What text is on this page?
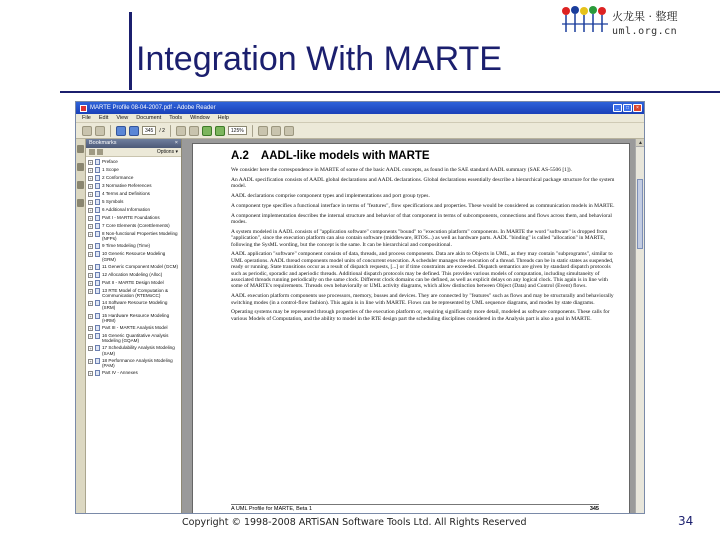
Integration With MARTE
火龙果 · 整理
uml.org.cn
MARTE Profile 08-04-2007.pdf - Adobe Reader	_	□	×
File Edit View Document Tools Window Help
345	/ 2	125%
Bookmarks	×
Options ▾
+ Preface
+ 1 Scope
+ 2 Conformance
+ 3 Normative References
+ 4 Terms and Definitions
+ 5 Symbols
+ 6 Additional Information
+ Part I - MARTE Foundations
+ 7 Core Elements (CoreElements)
+ 8 Non-functional Properties Modeling (NFPs)
+ 9 Time Modeling (Time)
+ 10 Generic Resource Modeling (GRM)
+ 11 Generic Component Model (GCM)
+ 12 Allocation Modeling (Alloc)
+ Part II - MARTE Design Model
+ 13 RTE Model of Computation & Communication (RTEMoCC)
+ 14 Software Resource Modeling (SRM)
+ 15 Hardware Resource Modeling (HRM)
+ Part III - MARTE Analysis Model
+ 16 Generic Quantitative Analysis Modeling (GQAM)
+ 17 Schedulability Analysis Modeling (SAM)
+ 18 Performance Analysis Modeling (PAM)
+ Part IV - Annexes
A.2 AADL-like models with MARTE

We consider here the correspondence in MARTE of some of the basic AADL concepts, as found in the SAE standard AADL summary (SAE AS-5506 [1]).

An AADL specification consists of AADL global declarations and AADL declarations. Global declarations essentially describe a hierarchical package structure for the system model.

AADL declarations comprise component types and implementations and port group types.

A component type specifies a functional interface in terms of "features", flow specifications and properties. These would be considered as communication models in MARTE.

A component implementation describes the internal structure and behavior of that component in terms of subcomponents, connections and flows across them, and behavioral modes.

A system modeled in AADL consists of "application software" components "bound" to "execution platform" components. In MARTE the word "software" is dropped from "application", since the execution platform can also contain software (middleware, RTOS...) as well as hardware parts. AADL "binding" is called "allocation" in MARTE, following the SysML wording, but the concept is the same. It can be hierarchical and compositional.

AADL application "software" component consists of data, threads, and process components. Data are akin to Objects in UML, as they may contain "subprograms", similar to UML operations. AADL thread components model units of concurrent execution. A scheduler manages the execution of a thread. Threads can be in static states as suspended, ready or running. State transitions occur as a result of dispatch requests, [...] or if time constraints are exceeded. Dispatch semantics are given by standard dispatch protocols such as periodic, sporadic and aperiodic threads. Additional dispatch protocols may be defined. This provides various models of computation, including simultaneity of associated threads running periodically on the same clock. Different clock domains can be defined, as well as explicit delays on any logical clock. This again is in line with some of MARTE's requirements. Threads own behaviorally or UML activity diagrams, which allow distinction between Object (Data) and Control (Event) flows.

AADL execution platform components use processors, memory, busses and devices. They are connected by "features" such as flows and may be structurally and behaviorally switching modes (in a control-flow fashion). This again is in line with MARTE. Flows can be represented by UML sequence diagrams, and modes by state diagrams.

Operating systems may be represented through properties of the execution platform or, requiring significantly more detail, modeled as software components. These calls for various Models of Computation, and the ability to model in the RTE design part the scheduling disciplines considered in the Analysis part is also a goal in MARTE.

A UML Profile for MARTE, Beta 1	345
▲
Copyright © 1998-2008 ARTiSAN Software Tools Ltd. All Rights Reserved	34
